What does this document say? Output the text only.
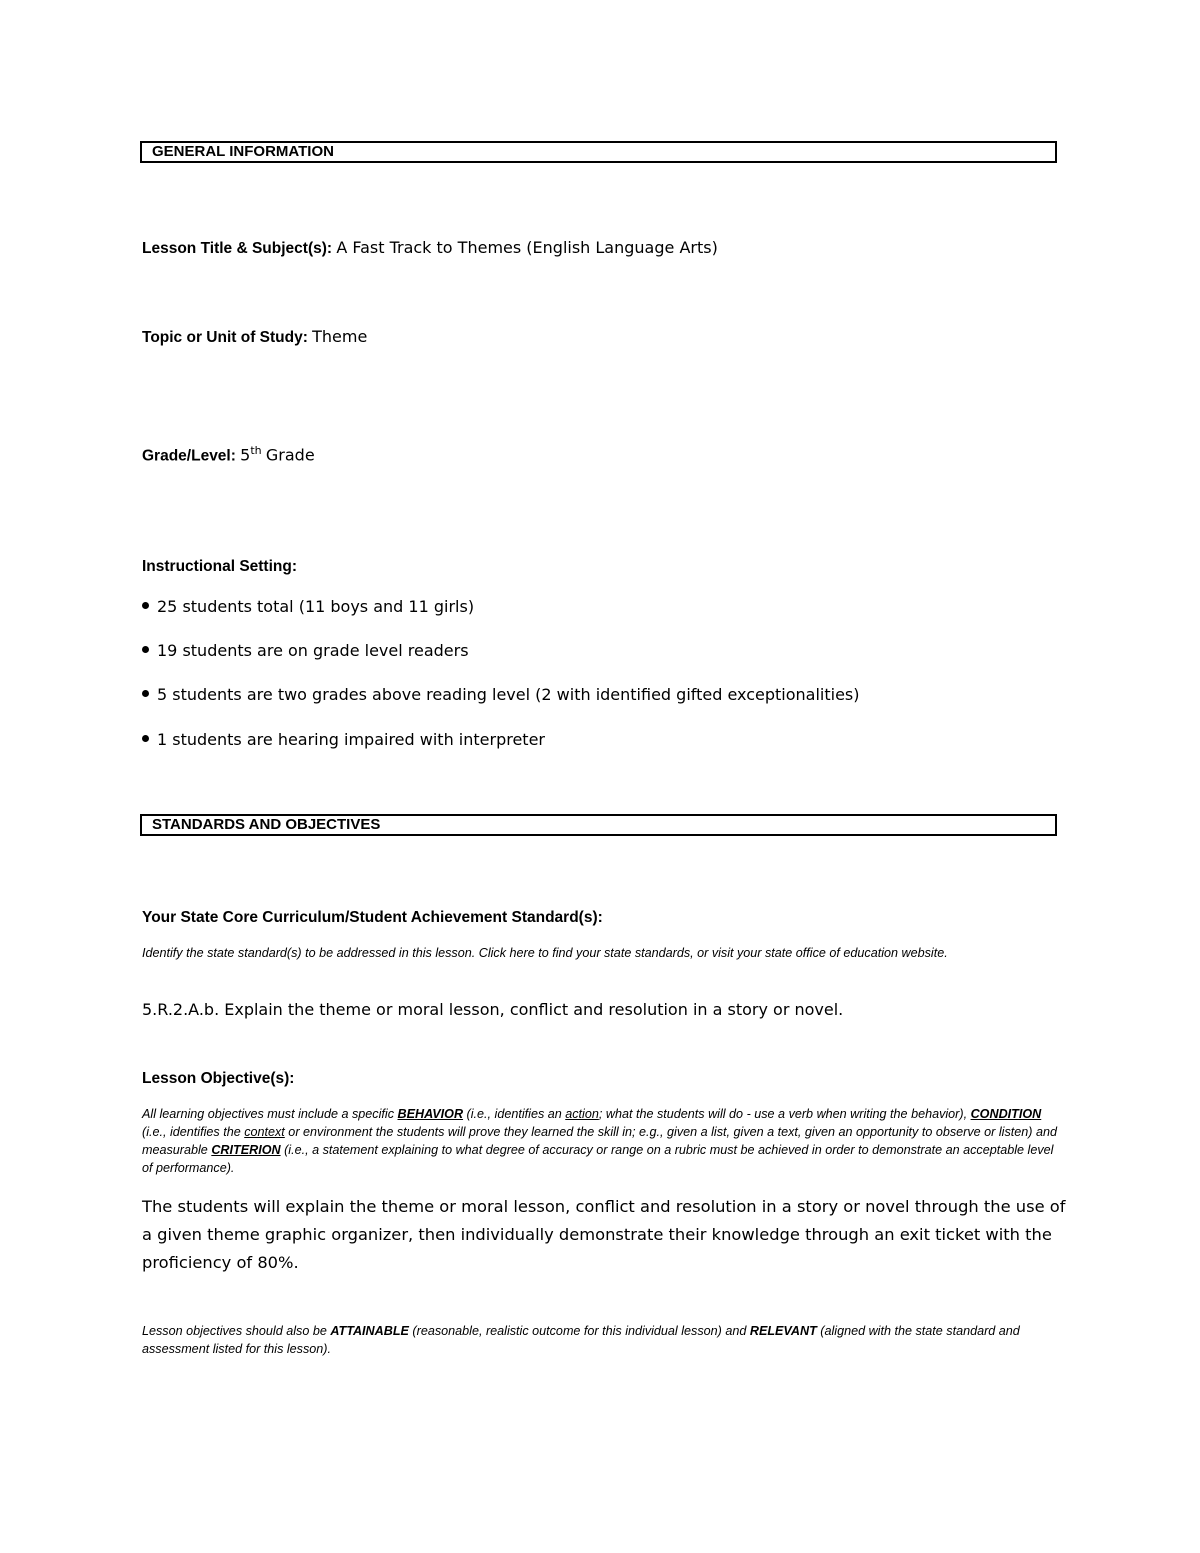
GENERAL INFORMATION
Lesson Title & Subject(s): A Fast Track to Themes (English Language Arts)
Topic or Unit of Study: Theme
Grade/Level: 5th Grade
Instructional Setting:
25 students total (11 boys and 11 girls)
19 students are on grade level readers
5 students are two grades above reading level (2 with identified gifted exceptionalities)
1 students are hearing impaired with interpreter
STANDARDS AND OBJECTIVES
Your State Core Curriculum/Student Achievement Standard(s):
Identify the state standard(s) to be addressed in this lesson. Click here to find your state standards, or visit your state office of education website.
5.R.2.A.b. Explain the theme or moral lesson, conflict and resolution in a story or novel.
Lesson Objective(s):
All learning objectives must include a specific BEHAVIOR (i.e., identifies an action; what the students will do - use a verb when writing the behavior), CONDITION (i.e., identifies the context or environment the students will prove they learned the skill in; e.g., given a list, given a text, given an opportunity to observe or listen) and measurable CRITERION (i.e., a statement explaining to what degree of accuracy or range on a rubric must be achieved in order to demonstrate an acceptable level of performance).
The students will explain the theme or moral lesson, conflict and resolution in a story or novel through the use of a given theme graphic organizer, then individually demonstrate their knowledge through an exit ticket with the proficiency of 80%.
Lesson objectives should also be ATTAINABLE (reasonable, realistic outcome for this individual lesson) and RELEVANT (aligned with the state standard and assessment listed for this lesson).
